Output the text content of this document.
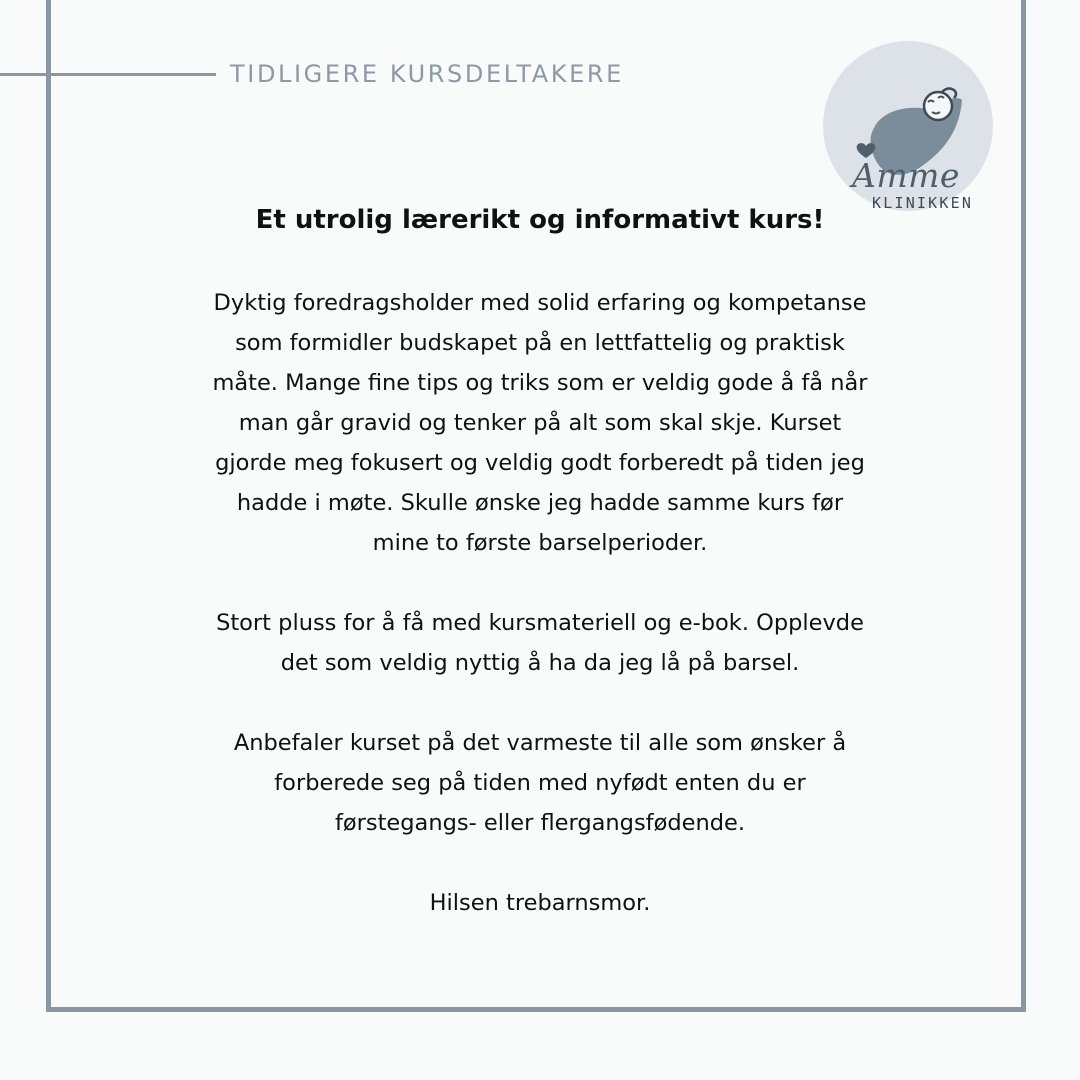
TIDLIGERE KURSDELTAKERE
Amme
KLINIKKEN
Et utrolig lærerikt og informativt kurs!
Dyktig foredragsholder med solid erfaring og kompetanse
som formidler budskapet på en lettfattelig og praktisk
måte. Mange fine tips og triks som er veldig gode å få når
man går gravid og tenker på alt som skal skje. Kurset
gjorde meg fokusert og veldig godt forberedt på tiden jeg
hadde i møte. Skulle ønske jeg hadde samme kurs før
mine to første barselperioder.
Stort pluss for å få med kursmateriell og e-bok. Opplevde
det som veldig nyttig å ha da jeg lå på barsel.
Anbefaler kurset på det varmeste til alle som ønsker å
forberede seg på tiden med nyfødt enten du er
førstegangs- eller flergangsfødende.
Hilsen trebarnsmor.
